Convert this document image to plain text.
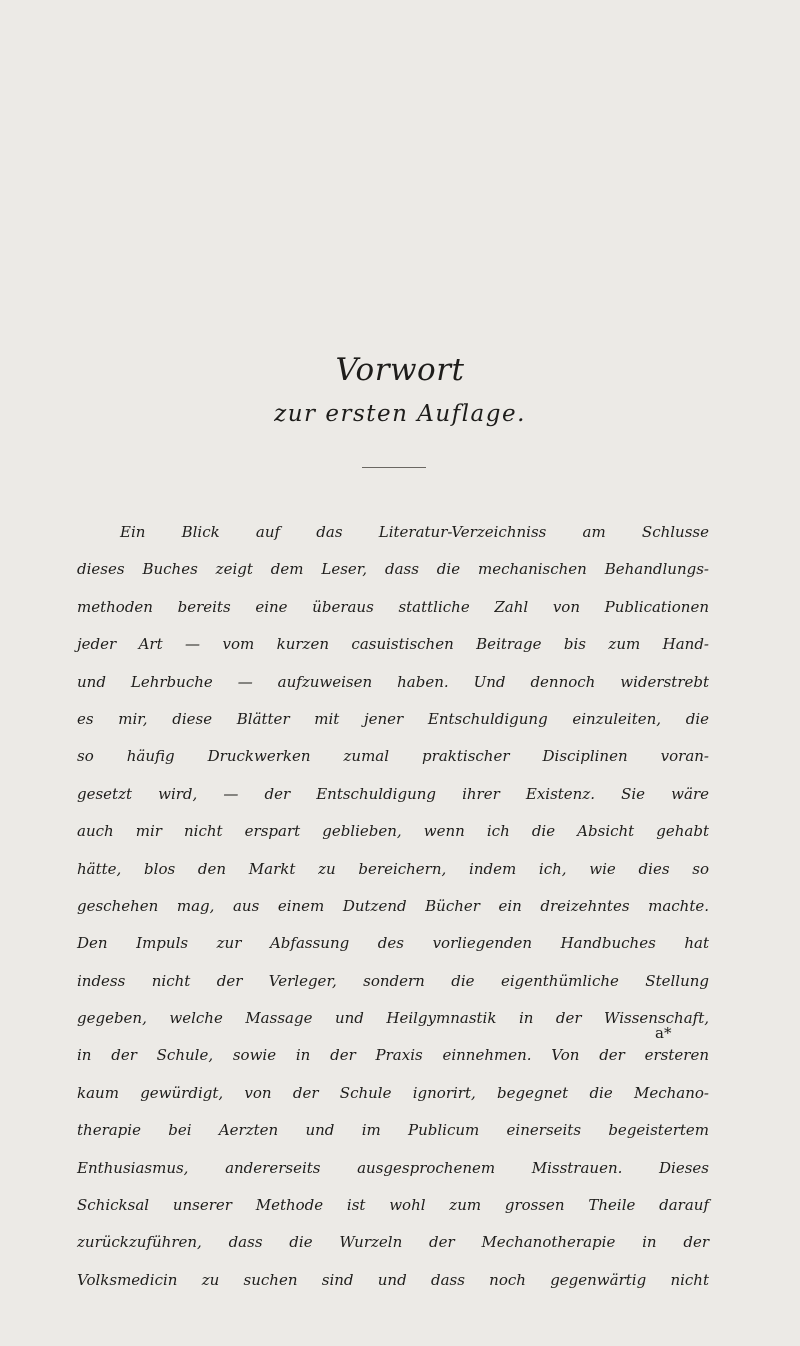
Vorwort
zur ersten Auflage.
Ein Blick auf das Literatur-Verzeichniss am Schlusse
dieses Buches zeigt dem Leser, dass die mechanischen Behandlungs-
methoden bereits eine überaus stattliche Zahl von Publicationen
jeder Art — vom kurzen casuistischen Beitrage bis zum Hand-
und Lehrbuche — aufzuweisen haben. Und dennoch widerstrebt
es mir, diese Blätter mit jener Entschuldigung einzuleiten, die
so häufig Druckwerken zumal praktischer Disciplinen voran-
gesetzt wird, — der Entschuldigung ihrer Existenz. Sie wäre
auch mir nicht erspart geblieben, wenn ich die Absicht gehabt
hätte, blos den Markt zu bereichern, indem ich, wie dies so
geschehen mag, aus einem Dutzend Bücher ein dreizehntes machte.
Den Impuls zur Abfassung des vorliegenden Handbuches hat
indess nicht der Verleger, sondern die eigenthümliche Stellung
gegeben, welche Massage und Heilgymnastik in der Wissenschaft,
in der Schule, sowie in der Praxis einnehmen. Von der ersteren
kaum gewürdigt, von der Schule ignorirt, begegnet die Mechano-
therapie bei Aerzten und im Publicum einerseits begeistertem
Enthusiasmus, andererseits ausgesprochenem Misstrauen. Dieses
Schicksal unserer Methode ist wohl zum grossen Theile darauf
zurückzuführen, dass die Wurzeln der Mechanotherapie in der
Volksmedicin zu suchen sind und dass noch gegenwärtig nicht
a*
